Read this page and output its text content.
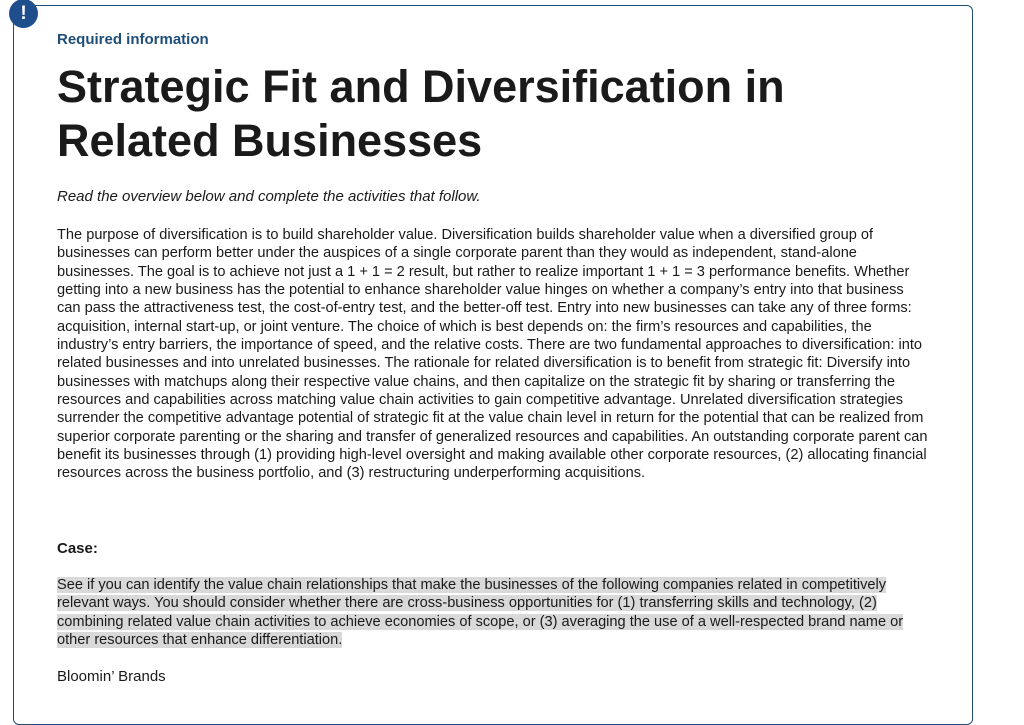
!
Required information
Strategic Fit and Diversification in Related Businesses
Read the overview below and complete the activities that follow.

The purpose of diversification is to build shareholder value. Diversification builds shareholder value when a diversified group of businesses can perform better under the auspices of a single corporate parent than they would as independent, stand-alone businesses. The goal is to achieve not just a 1 + 1 = 2 result, but rather to realize important 1 + 1 = 3 performance benefits. Whether getting into a new business has the potential to enhance shareholder value hinges on whether a company’s entry into that business can pass the attractiveness test, the cost-of-entry test, and the better-off test. Entry into new businesses can take any of three forms: acquisition, internal start-up, or joint venture. The choice of which is best depends on: the firm’s resources and capabilities, the industry’s entry barriers, the importance of speed, and the relative costs. There are two fundamental approaches to diversification: into related businesses and into unrelated businesses. The rationale for related diversification is to benefit from strategic fit: Diversify into businesses with matchups along their respective value chains, and then capitalize on the strategic fit by sharing or transferring the resources and capabilities across matching value chain activities to gain competitive advantage. Unrelated diversification strategies surrender the competitive advantage potential of strategic fit at the value chain level in return for the potential that can be realized from superior corporate parenting or the sharing and transfer of generalized resources and capabilities. An outstanding corporate parent can benefit its businesses through (1) providing high-level oversight and making available other corporate resources, (2) allocating financial resources across the business portfolio, and (3) restructuring underperforming acquisitions.

Case:

See if you can identify the value chain relationships that make the businesses of the following companies related in competitively relevant ways. You should consider whether there are cross-business opportunities for (1) transferring skills and technology, (2) combining related value chain activities to achieve economies of scope, or (3) averaging the use of a well-respected brand name or other resources that enhance differentiation.

Bloomin’ Brands
